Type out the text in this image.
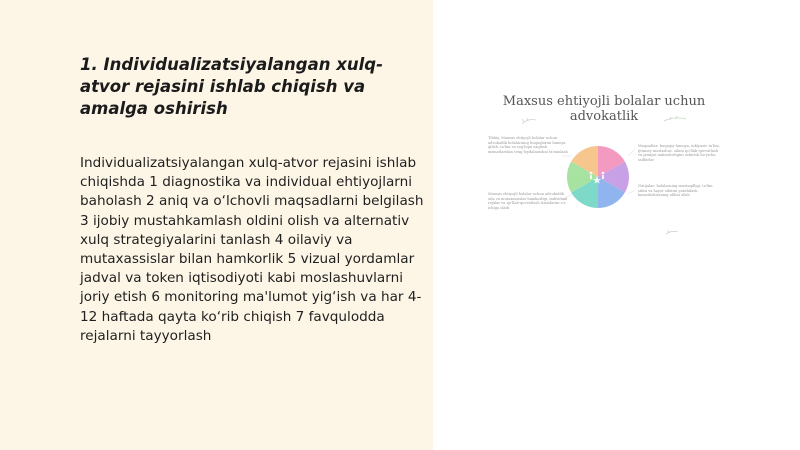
1. Individualizatsiyalangan xulq-atvor rejasini ishlab chiqish va amalga oshirish

Individualizatsiyalangan xulq-atvor rejasini ishlab chiqishda 1 diagnostika va individual ehtiyojlarni baholash 2 aniq va o‘lchovli maqsadlarni belgilash 3 ijobiy mustahkamlash oldini olish va alternativ xulq strategiyalarini tanlash 4 oilaviy va mutaxassislar bilan hamkorlik 5 vizual yordamlar jadval va token iqtisodiyoti kabi moslashuvlarni joriy etish 6 monitoring ma'lumot yig‘ish va har 4-12 haftada qayta ko‘rib chiqish 7 favqulodda rejalarni tayyorlash

Maxsus ehtiyojli bolalar uchun advokatlik

Tibbiy, Maxsus ehtiyojli bolalar uchun advokatlik bolalarning huquqlarini himoya qilish, ta'lim va sog'liqni saqlash xizmatlaridan teng foydalanishni ta'minlash

Maxsus ehtiyojli bolalar uchun advokatlik oila va mutaxassislar hamkorligi, individual rejalar va qo'llab-quvvatlash tizimlarini o'z ichiga oladi

Maqsadlar: huquqiy himoya, inklyuziv ta'lim, ijtimoiy moslashuv, oilani qo'llab-quvvatlash va jamiyat xabardorligini oshirish bo'yicha tadbirlar

Natijalar: bolalarning mustaqilligi, ta'lim sifati va hayot sifatini yaxshilash, kamsitishlarning oldini olish
